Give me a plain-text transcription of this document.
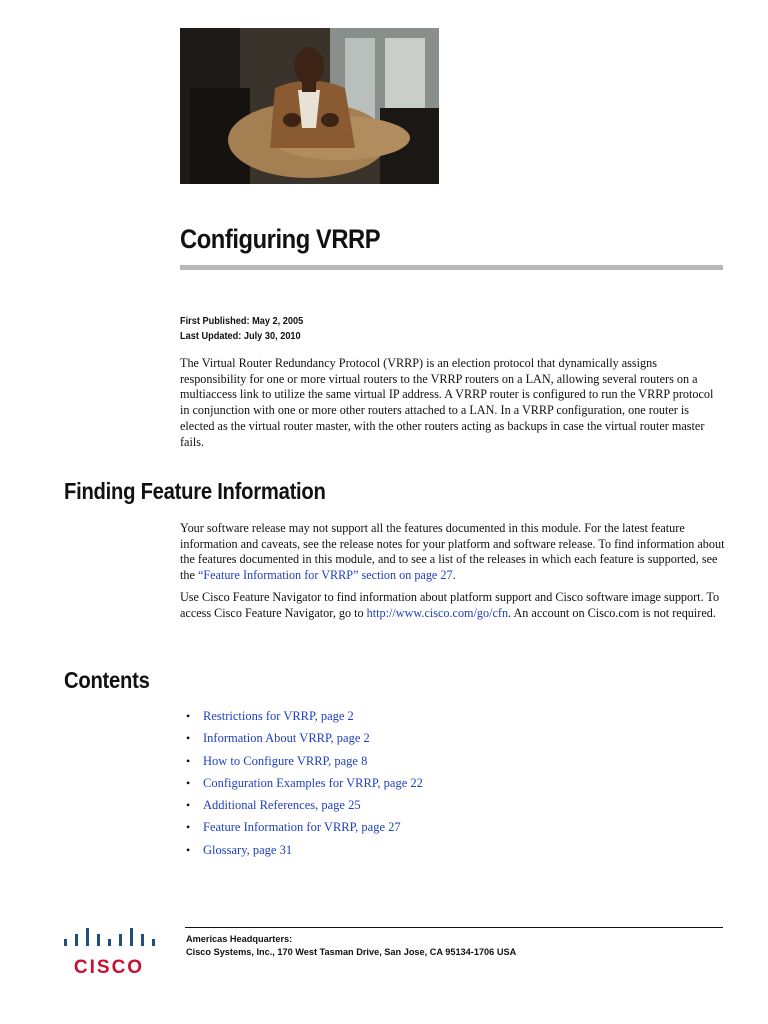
Configuring VRRP
First Published: May 2, 2005
Last Updated: July 30, 2010

The Virtual Router Redundancy Protocol (VRRP) is an election protocol that dynamically assigns responsibility for one or more virtual routers to the VRRP routers on a LAN, allowing several routers on a multiaccess link to utilize the same virtual IP address. A VRRP router is configured to run the VRRP protocol in conjunction with one or more other routers attached to a LAN. In a VRRP configuration, one router is elected as the virtual router master, with the other routers acting as backups in case the virtual router master fails.

Finding Feature Information

Your software release may not support all the features documented in this module. For the latest feature information and caveats, see the release notes for your platform and software release. To find information about the features documented in this module, and to see a list of the releases in which each feature is supported, see the “Feature Information for VRRP” section on page 27.

Use Cisco Feature Navigator to find information about platform support and Cisco software image support. To access Cisco Feature Navigator, go to http://www.cisco.com/go/cfn. An account on Cisco.com is not required.

Contents
• Restrictions for VRRP, page 2
• Information About VRRP, page 2
• How to Configure VRRP, page 8
• Configuration Examples for VRRP, page 22
• Additional References, page 25
• Feature Information for VRRP, page 27
• Glossary, page 31
CISCO
Americas Headquarters:
Cisco Systems, Inc., 170 West Tasman Drive, San Jose, CA 95134-1706 USA
